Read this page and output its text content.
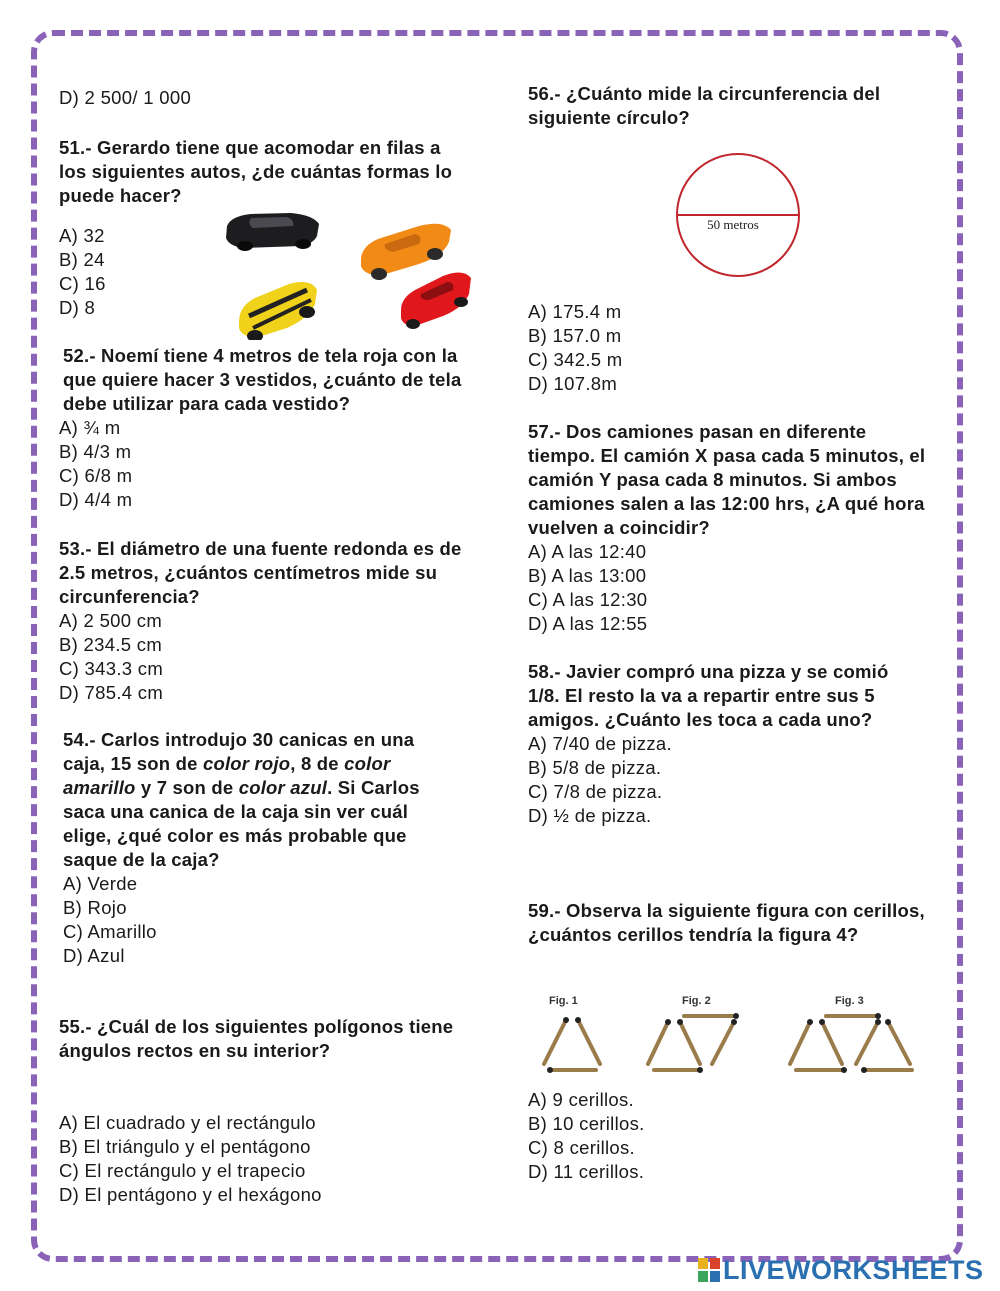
D) 2 500/ 1 000

51.- Gerardo tiene que acomodar en filas a los siguientes autos, ¿de cuántas formas lo puede hacer?

A) 32
B) 24
C) 16
D) 8

52.- Noemí tiene 4 metros de tela roja con la que quiere hacer 3 vestidos, ¿cuánto de tela debe utilizar para cada vestido?

A) ¾ m
B) 4/3 m
C) 6/8 m
D) 4/4 m

53.- El diámetro de una fuente redonda es de 2.5 metros, ¿cuántos centímetros mide su circunferencia?

A) 2 500 cm
B) 234.5 cm
C) 343.3 cm
D) 785.4 cm

54.- Carlos introdujo 30 canicas en una caja, 15 son de color rojo, 8 de color amarillo y 7 son de color azul. Si Carlos saca una canica de la caja sin ver cuál elige, ¿qué color es más probable que saque de la caja?

A) Verde
B) Rojo
C) Amarillo
D) Azul

55.- ¿Cuál de los siguientes polígonos tiene ángulos rectos en su interior?

A) El cuadrado y el rectángulo
B) El triángulo y el pentágono
C) El rectángulo y el trapecio
D) El pentágono y el hexágono

56.- ¿Cuánto mide la circunferencia del siguiente círculo?

50 metros
A) 175.4 m
B) 157.0 m
C) 342.5 m
D) 107.8m

57.- Dos camiones pasan en diferente tiempo. El camión X pasa cada 5 minutos, el camión Y pasa cada 8 minutos. Si ambos camiones salen a las 12:00 hrs, ¿A qué hora vuelven a coincidir?

A) A las 12:40
B) A las 13:00
C) A las 12:30
D) A las 12:55

58.- Javier compró una pizza y se comió 1/8. El resto la va a repartir entre sus 5 amigos. ¿Cuánto les toca a cada uno?

A) 7/40 de pizza.
B) 5/8 de pizza.
C) 7/8 de pizza.
D) ½ de pizza.

59.- Observa la siguiente figura con cerillos, ¿cuántos cerillos tendría la figura 4?

Fig. 1	Fig. 2	Fig. 3
A) 9 cerillos.
B) 10 cerillos.
C) 8 cerillos.
D) 11 cerillos.
LIVEWORKSHEETS
